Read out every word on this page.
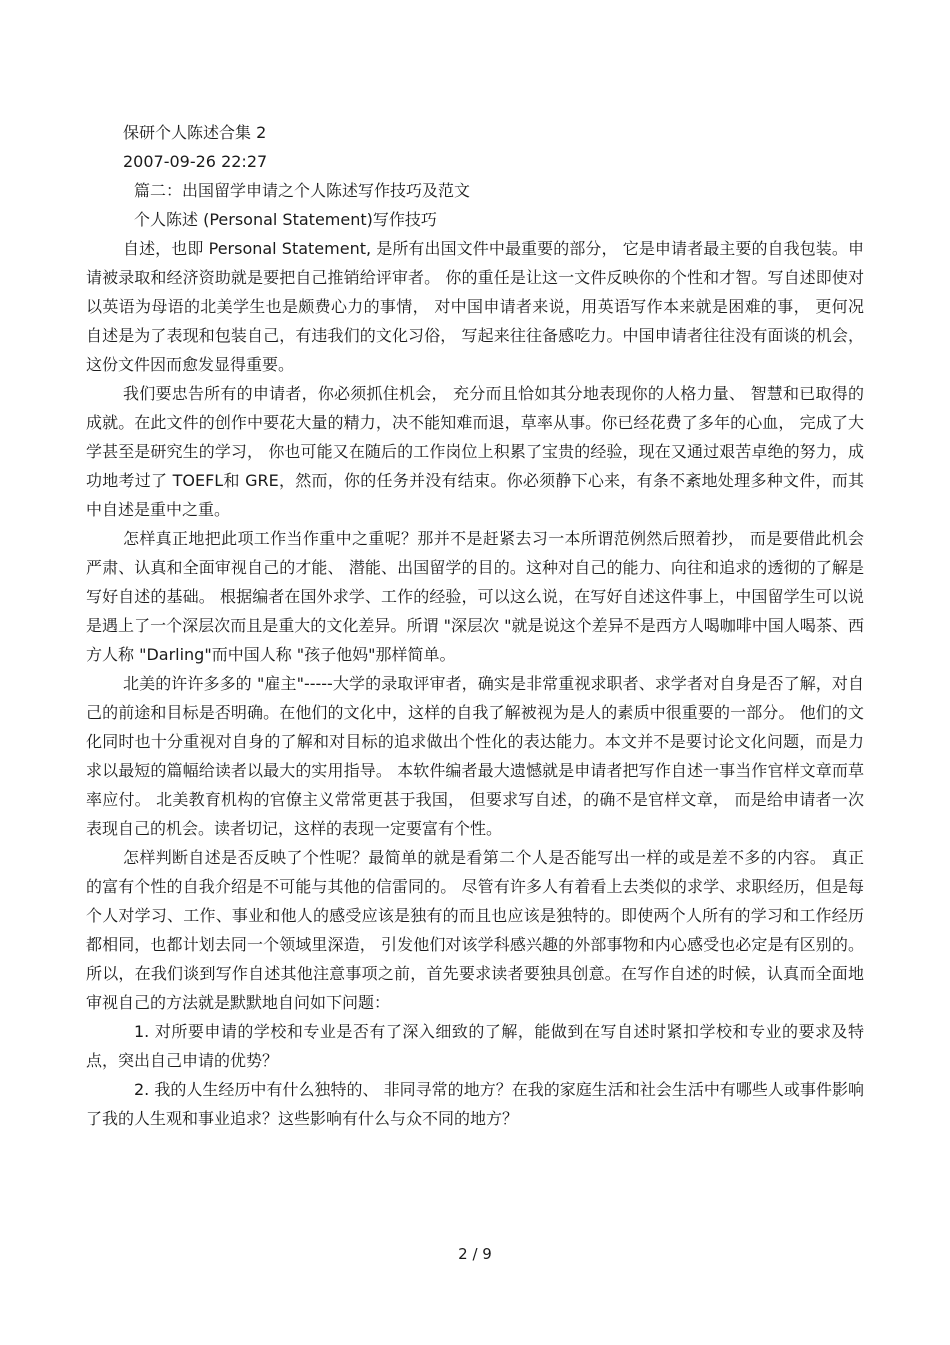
保研个人陈述合集 2

2007-09-26 22:27

篇二：出国留学申请之个人陈述写作技巧及范文

个人陈述 (Personal Statement)写作技巧

自述，也即 Personal Statement, 是所有出国文件中最重要的部分， 它是申请者最主要的自我包装。申请被录取和经济资助就是要把自己推销给评审者。 你的重任是让这一文件反映你的个性和才智。写自述即使对以英语为母语的北美学生也是颇费心力的事情， 对中国申请者来说，用英语写作本来就是困难的事， 更何况自述是为了表现和包装自己，有违我们的文化习俗， 写起来往往备感吃力。中国申请者往往没有面谈的机会，这份文件因而愈发显得重要。

我们要忠告所有的申请者，你必须抓住机会， 充分而且恰如其分地表现你的人格力量、 智慧和已取得的成就。在此文件的创作中要花大量的精力，决不能知难而退，草率从事。你已经花费了多年的心血， 完成了大学甚至是研究生的学习， 你也可能又在随后的工作岗位上积累了宝贵的经验，现在又通过艰苦卓绝的努力，成功地考过了 TOEFL和 GRE，然而，你的任务并没有结束。你必须静下心来，有条不紊地处理多种文件，而其中自述是重中之重。

怎样真正地把此项工作当作重中之重呢？那并不是赶紧去习一本所谓范例然后照着抄， 而是要借此机会严肃、认真和全面审视自己的才能、 潜能、出国留学的目的。这种对自己的能力、向往和追求的透彻的了解是写好自述的基础。 根据编者在国外求学、工作的经验，可以这么说，在写好自述这件事上，中国留学生可以说是遇上了一个深层次而且是重大的文化差异。所谓 "深层次 "就是说这个差异不是西方人喝咖啡中国人喝茶、西方人称 "Darling"而中国人称 "孩子他妈"那样简单。

北美的许许多多的 "雇主"-----大学的录取评审者，确实是非常重视求职者、求学者对自身是否了解，对自己的前途和目标是否明确。在他们的文化中，这样的自我了解被视为是人的素质中很重要的一部分。 他们的文化同时也十分重视对自身的了解和对目标的追求做出个性化的表达能力。本文并不是要讨论文化问题，而是力求以最短的篇幅给读者以最大的实用指导。 本软件编者最大遗憾就是申请者把写作自述一事当作官样文章而草率应付。 北美教育机构的官僚主义常常更甚于我国， 但要求写自述，的确不是官样文章， 而是给申请者一次表现自己的机会。读者切记，这样的表现一定要富有个性。

怎样判断自述是否反映了个性呢？最简单的就是看第二个人是否能写出一样的或是差不多的内容。 真正的富有个性的自我介绍是不可能与其他的信雷同的。 尽管有许多人有着看上去类似的求学、求职经历，但是每个人对学习、工作、事业和他人的感受应该是独有的而且也应该是独特的。即使两个人所有的学习和工作经历都相同，也都计划去同一个领域里深造， 引发他们对该学科感兴趣的外部事物和内心感受也必定是有区别的。 所以，在我们谈到写作自述其他注意事项之前，首先要求读者要独具创意。在写作自述的时候，认真而全面地审视自己的方法就是默默地自问如下问题：

1. 对所要申请的学校和专业是否有了深入细致的了解，能做到在写自述时紧扣学校和专业的要求及特点，突出自己申请的优势？

2. 我的人生经历中有什么独特的、 非同寻常的地方？在我的家庭生活和社会生活中有哪些人或事件影响了我的人生观和事业追求？这些影响有什么与众不同的地方？

2 / 9
